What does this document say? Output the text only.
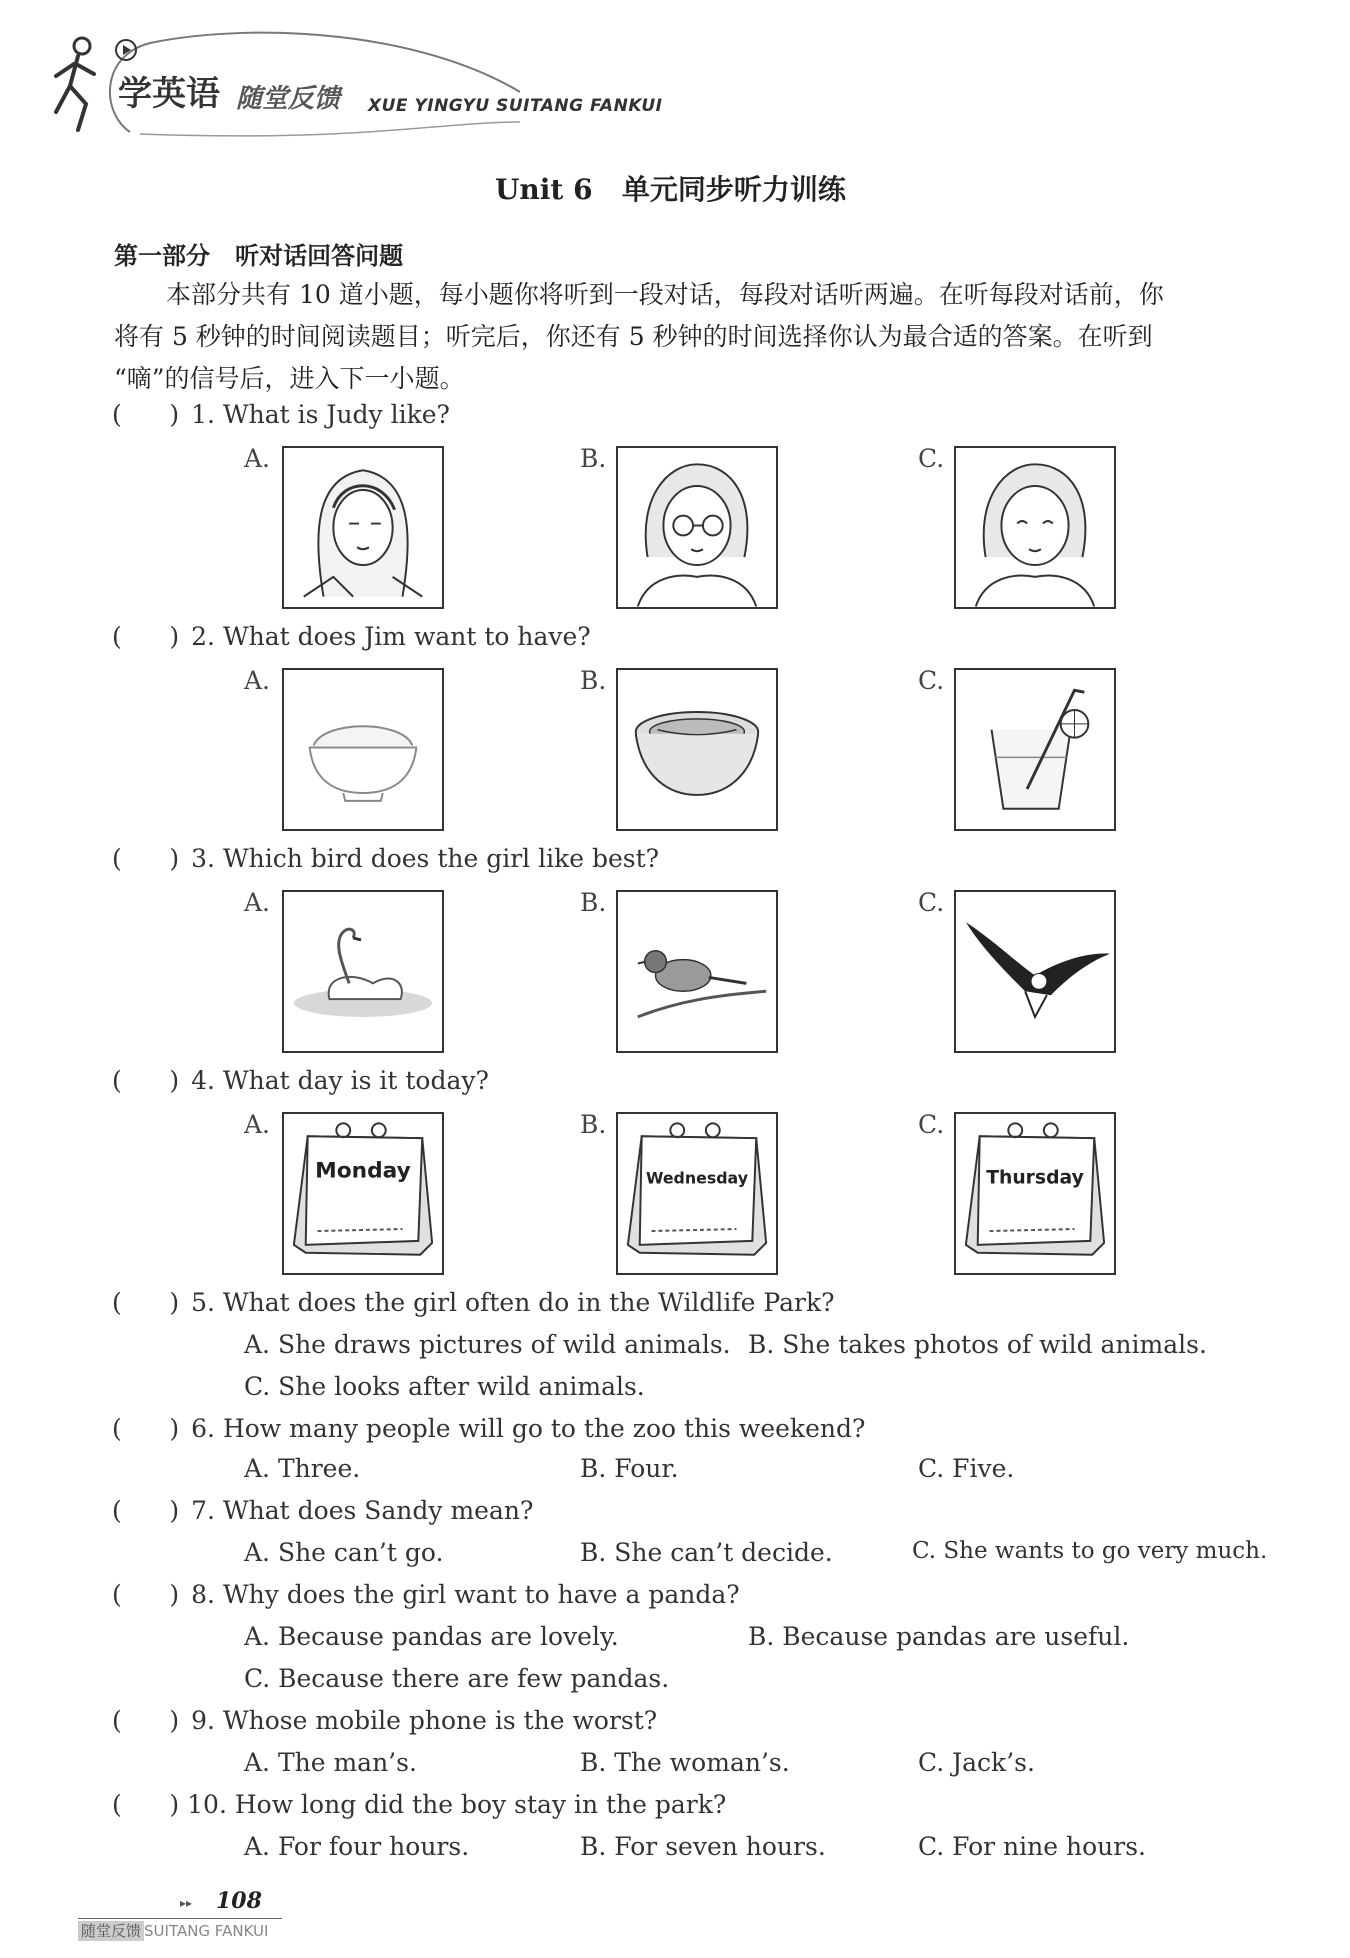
学英语 随堂反馈 XUE YINGYU SUITANG FANKUI
Unit 6   单元同步听力训练
第一部分   听对话回答问题
本部分共有 10 道小题，每小题你将听到一段对话，每段对话听两遍。在听每段对话前，你
将有 5 秒钟的时间阅读题目；听完后，你还有 5 秒钟的时间选择你认为最合适的答案。在听到
“嘀”的信号后，进入下一小题。
(      ) 1. What is Judy like?
A.	B.	C.
(      ) 2. What does Jim want to have?
A.	B.	C.
(      ) 3. Which bird does the girl like best?
A.	B.	C.
(      ) 4. What day is it today?
A.	B.	C.
Monday	Wednesday	Thursday
(      ) 5. What does the girl often do in the Wildlife Park?
A. She draws pictures of wild animals. B. She takes photos of wild animals.
C. She looks after wild animals.
(      ) 6. How many people will go to the zoo this weekend?
A. Three.	B. Four.	C. Five.
(      ) 7. What does Sandy mean?
A. She can’t go.	B. She can’t decide.	C. She wants to go very much.
(      ) 8. Why does the girl want to have a panda?
A. Because pandas are lovely.	B. Because pandas are useful.
C. Because there are few pandas.
(      ) 9. Whose mobile phone is the worst?
A. The man’s.	B. The woman’s.	C. Jack’s.
(      ) 10. How long did the boy stay in the park?
A. For four hours.	B. For seven hours.	C. For nine hours.
▸▸ 108
随堂反馈 SUITANG FANKUI
